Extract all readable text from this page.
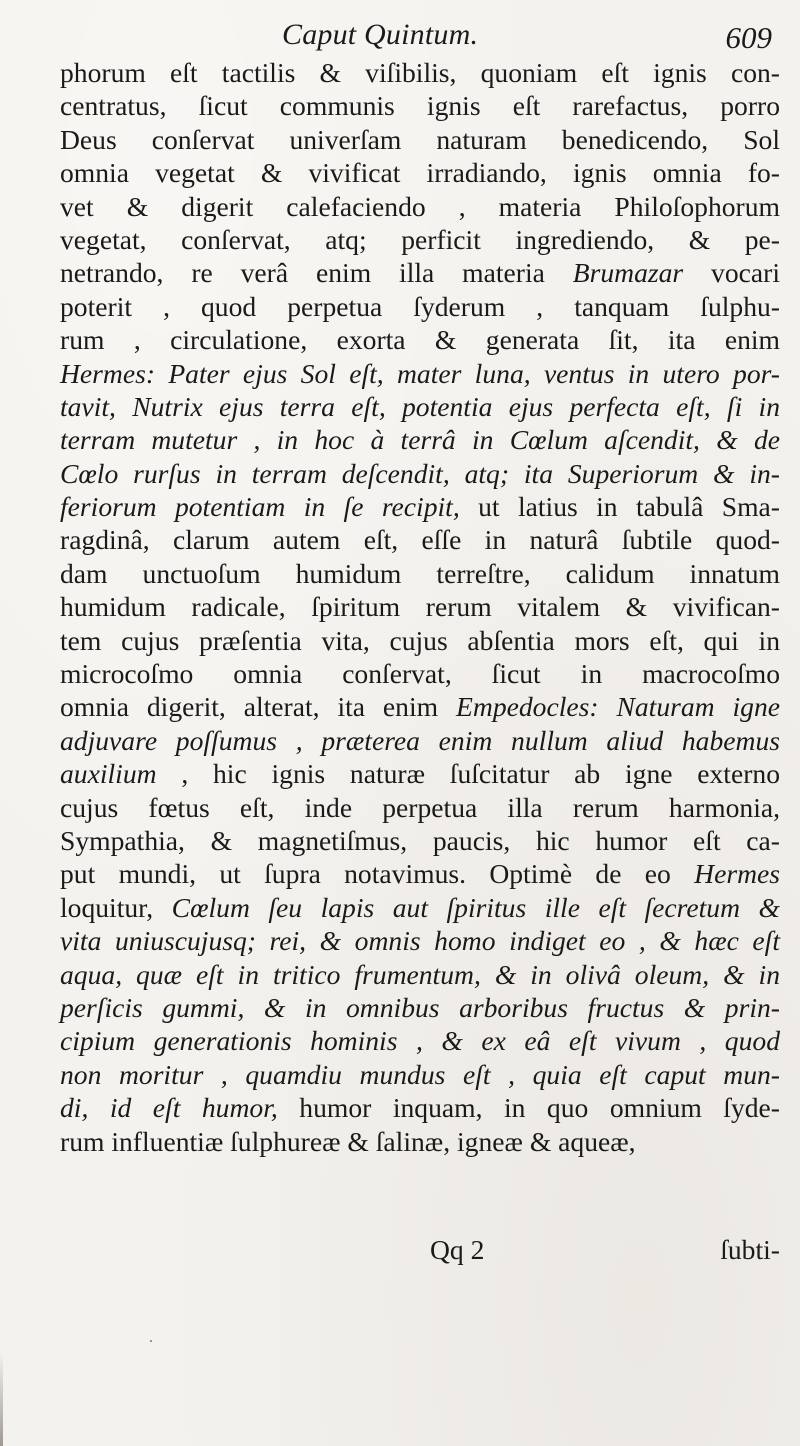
Caput Quintum.	609
phorum eſt tactilis & viſibilis, quoniam eſt ignis con-
centratus, ſicut communis ignis eſt rarefactus, porro
Deus conſervat univerſam naturam benedicendo, Sol
omnia vegetat & vivificat irradiando, ignis omnia fo-
vet & digerit calefaciendo , materia Philoſophorum
vegetat, conſervat, atq; perficit ingrediendo, & pe-
netrando, re verâ enim illa materia Brumazar vocari
poterit , quod perpetua ſyderum , tanquam ſulphu-
rum , circulatione, exorta & generata ſit, ita enim
Hermes: Pater ejus Sol eſt, mater luna, ventus in utero por-
tavit, Nutrix ejus terra eſt, potentia ejus perfecta eſt, ſi in
terram mutetur , in hoc à terrâ in Cœlum aſcendit, & de
Cœlo rurſus in terram deſcendit, atq; ita Superiorum & in-
feriorum potentiam in ſe recipit, ut latius in tabulâ Sma-
ragdinâ, clarum autem eſt, eſſe in naturâ ſubtile quod-
dam unctuoſum humidum terreſtre, calidum innatum
humidum radicale, ſpiritum rerum vitalem & vivifican-
tem cujus præſentia vita, cujus abſentia mors eſt, qui in
microcoſmo omnia conſervat, ſicut in macrocoſmo
omnia digerit, alterat, ita enim Empedocles: Naturam igne
adjuvare poſſumus , præterea enim nullum aliud habemus
auxilium , hic ignis naturæ ſuſcitatur ab igne externo
cujus fœtus eſt, inde perpetua illa rerum harmonia,
Sympathia, & magnetiſmus, paucis, hic humor eſt ca-
put mundi, ut ſupra notavimus. Optimè de eo Hermes
loquitur, Cœlum ſeu lapis aut ſpiritus ille eſt ſecretum &
vita uniuscujusq; rei, & omnis homo indiget eo , & hæc eſt
aqua, quæ eſt in tritico frumentum, & in olivâ oleum, & in
perſicis gummi, & in omnibus arboribus fructus & prin-
cipium generationis hominis , & ex eâ eſt vivum , quod
non moritur , quamdiu mundus eſt , quia eſt caput mun-
di, id eſt humor, humor inquam, in quo omnium ſyde-
rum influentiæ ſulphureæ & ſalinæ, igneæ & aqueæ,
Qq 2	ſubti-
